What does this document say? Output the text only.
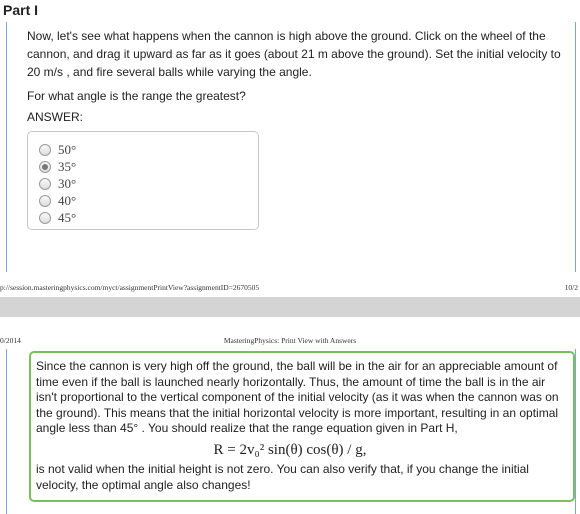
Part I
Now, let's see what happens when the cannon is high above the ground. Click on the wheel of the cannon, and drag it upward as far as it goes (about 21 m above the ground). Set the initial velocity to 20 m/s , and fire several balls while varying the angle.
For what angle is the range the greatest?
ANSWER:
50°
35°
30°
40°
45°
p://session.masteringphysics.com/myct/assignmentPrintView?assignmentID=2670505	10/2
0/2014	MasteringPhysics: Print View with Answers
Since the cannon is very high off the ground, the ball will be in the air for an appreciable amount of time even if the ball is launched nearly horizontally. Thus, the amount of time the ball is in the air isn't proportional to the vertical component of the initial velocity (as it was when the cannon was on the ground). This means that the initial horizontal velocity is more important, resulting in an optimal angle less than 45° . You should realize that the range equation given in Part H,
R = 2v₀² sin(θ) cos(θ) / g,
is not valid when the initial height is not zero. You can also verify that, if you change the initial velocity, the optimal angle also changes!
